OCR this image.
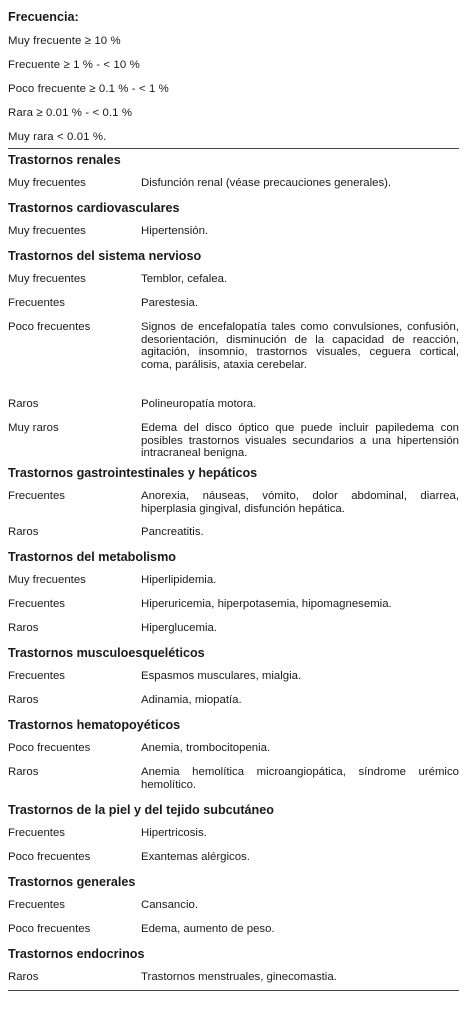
Frecuencia:
Muy frecuente ≥ 10 %
Frecuente ≥ 1 % - < 10 %
Poco frecuente ≥ 0.1 % - < 1 %
Rara ≥ 0.01 % - < 0.1 %
Muy rara < 0.01 %.
Trastornos renales
Muy frecuentes	Disfunción renal (véase precauciones generales).
Trastornos cardiovasculares
Muy frecuentes	Hipertensión.
Trastornos del sistema nervioso
Muy frecuentes	Temblor, cefalea.
Frecuentes	Parestesia.
Poco frecuentes	Signos de encefalopatía tales como convulsiones, confusión, desorientación, disminución de la capacidad de reacción, agitación, insomnio, trastornos visuales, ceguera cortical, coma, parálisis, ataxia cerebelar.
Raros	Polineuropatía motora.
Muy raros	Edema del disco óptico que puede incluir papiledema con posibles trastornos visuales secundarios a una hipertensión intracraneal benigna.
Trastornos gastrointestinales y hepáticos
Frecuentes	Anorexia, náuseas, vómito, dolor abdominal, diarrea, hiperplasia gingival, disfunción hepática.
Raros	Pancreatitis.
Trastornos del metabolismo
Muy frecuentes	Hiperlipidemia.
Frecuentes	Hiperuricemia, hiperpotasemia, hipomagnesemia.
Raros	Hiperglucemia.
Trastornos musculoesqueléticos
Frecuentes	Espasmos musculares, mialgia.
Raros	Adinamia, miopatía.
Trastornos hematopoyéticos
Poco frecuentes	Anemia, trombocitopenia.
Raros	Anemia hemolítica microangiopática, síndrome urémico hemolítico.
Trastornos de la piel y del tejido subcutáneo
Frecuentes	Hipertricosis.
Poco frecuentes	Exantemas alérgicos.
Trastornos generales
Frecuentes	Cansancio.
Poco frecuentes	Edema, aumento de peso.
Trastornos endocrinos
Raros	Trastornos menstruales, ginecomastia.
